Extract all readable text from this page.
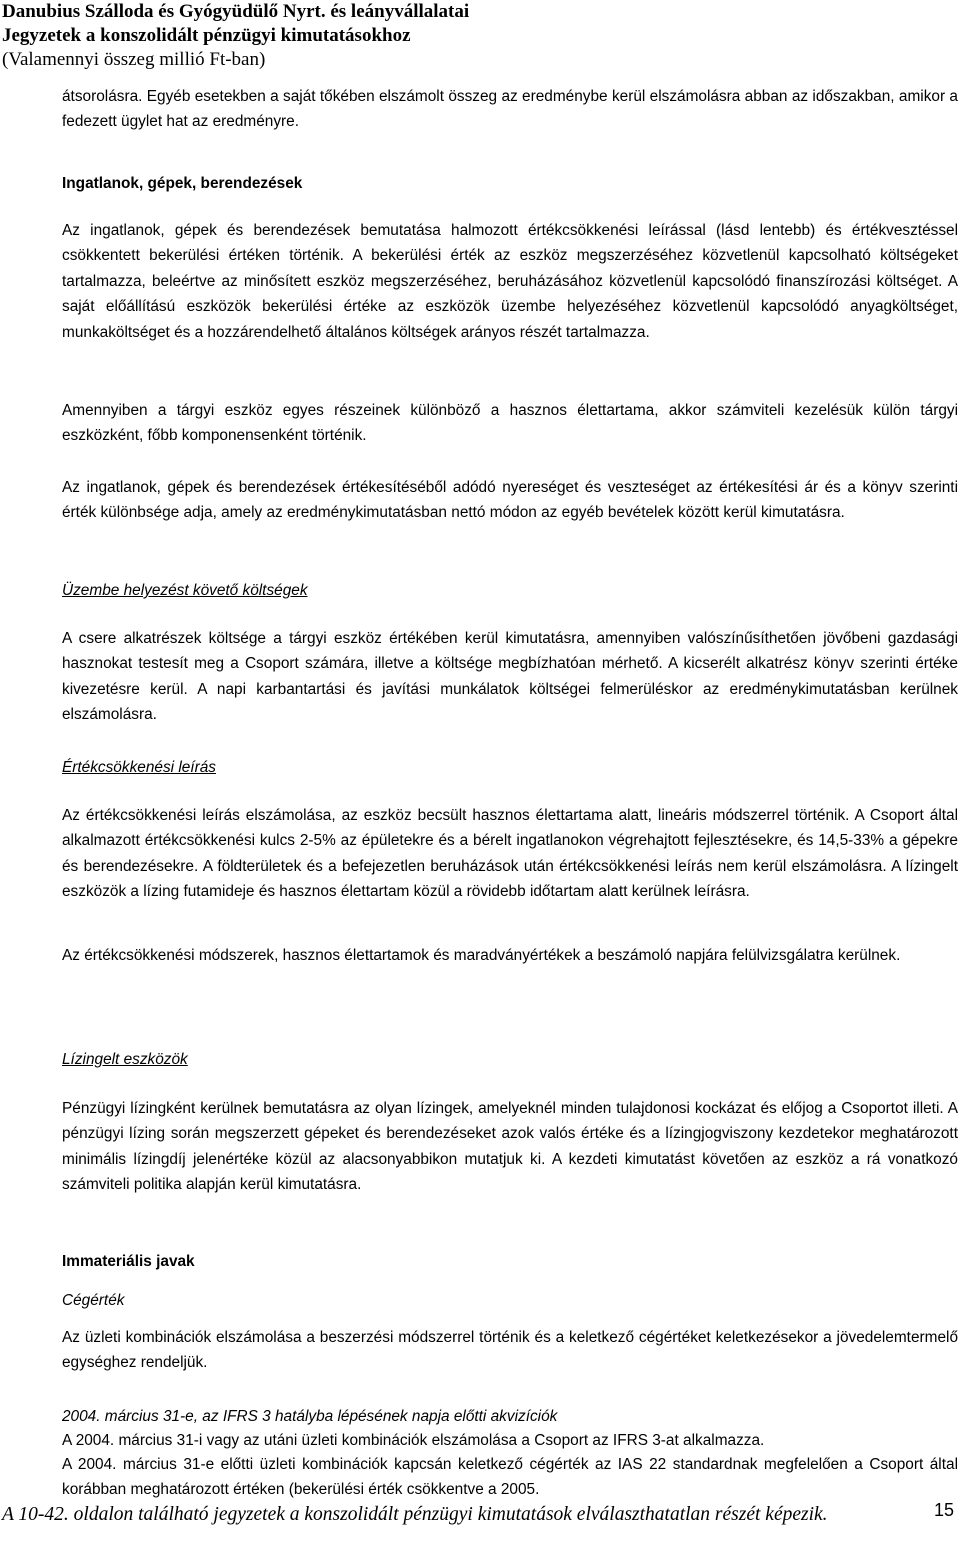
Danubius Szálloda és Gyógyüdülő Nyrt. és leányvállalatai
Jegyzetek a konszolidált pénzügyi kimutatásokhoz
(Valamennyi összeg millió Ft-ban)

átsorolásra. Egyéb esetekben a saját tőkében elszámolt összeg az eredménybe kerül elszámolásra abban az időszakban, amikor a fedezett ügylet hat az eredményre.

Ingatlanok, gépek, berendezések

Az ingatlanok, gépek és berendezések bemutatása halmozott értékcsökkenési leírással (lásd lentebb) és értékvesztéssel csökkentett bekerülési értéken történik. A bekerülési érték az eszköz megszerzéséhez közvetlenül kapcsolható költségeket tartalmazza, beleértve az minősített eszköz megszerzéséhez, beruházásához közvetlenül kapcsolódó finanszírozási költséget. A saját előállítású eszközök bekerülési értéke az eszközök üzembe helyezéséhez közvetlenül kapcsolódó anyagköltséget, munkaköltséget és a hozzárendelhető általános költségek arányos részét tartalmazza.

Amennyiben a tárgyi eszköz egyes részeinek különböző a hasznos élettartama, akkor számviteli kezelésük külön tárgyi eszközként, főbb komponensenként történik.

Az ingatlanok, gépek és berendezések értékesítéséből adódó nyereséget és veszteséget az értékesítési ár és a könyv szerinti érték különbsége adja, amely az eredménykimutatásban nettó módon az egyéb bevételek között kerül kimutatásra.

Üzembe helyezést követő költségek

A csere alkatrészek költsége a tárgyi eszköz értékében kerül kimutatásra, amennyiben valószínűsíthetően jövőbeni gazdasági hasznokat testesít meg a Csoport számára, illetve a költsége megbízhatóan mérhető. A kicserélt alkatrész könyv szerinti értéke kivezetésre kerül. A napi karbantartási és javítási munkálatok költségei felmerüléskor az eredménykimutatásban kerülnek elszámolásra.

Értékcsökkenési leírás

Az értékcsökkenési leírás elszámolása, az eszköz becsült hasznos élettartama alatt, lineáris módszerrel történik. A Csoport által alkalmazott értékcsökkenési kulcs 2-5% az épületekre és a bérelt ingatlanokon végrehajtott fejlesztésekre, és 14,5-33% a gépekre és berendezésekre. A földterületek és a befejezetlen beruházások után értékcsökkenési leírás nem kerül elszámolásra. A lízingelt eszközök a lízing futamideje és hasznos élettartam közül a rövidebb időtartam alatt kerülnek leírásra.

Az értékcsökkenési módszerek, hasznos élettartamok és maradványértékek a beszámoló napjára felülvizsgálatra kerülnek.

Lízingelt eszközök

Pénzügyi lízingként kerülnek bemutatásra az olyan lízingek, amelyeknél minden tulajdonosi kockázat és előjog a Csoportot illeti. A pénzügyi lízing során megszerzett gépeket és berendezéseket azok valós értéke és a lízingjogviszony kezdetekor meghatározott minimális lízingdíj jelenértéke közül az alacsonyabbikon mutatjuk ki. A kezdeti kimutatást követően az eszköz a rá vonatkozó számviteli politika alapján kerül kimutatásra.

Immateriális javak
Cégérték

Az üzleti kombinációk elszámolása a beszerzési módszerrel történik és a keletkező cégértéket keletkezésekor a jövedelemtermelő egységhez rendeljük.

2004. március 31-e, az IFRS 3 hatályba lépésének napja előtti akvizíciók

A 2004. március 31-i vagy az utáni üzleti kombinációk elszámolása a Csoport az IFRS 3-at alkalmazza.

A 2004. március 31-e előtti üzleti kombinációk kapcsán keletkező cégérték az IAS 22 standardnak megfelelően a Csoport által korábban meghatározott értéken (bekerülési érték csökkentve a 2005.

A 10-42. oldalon található jegyzetek a konszolidált pénzügyi kimutatások elválaszthatatlan részét képezik.	15
